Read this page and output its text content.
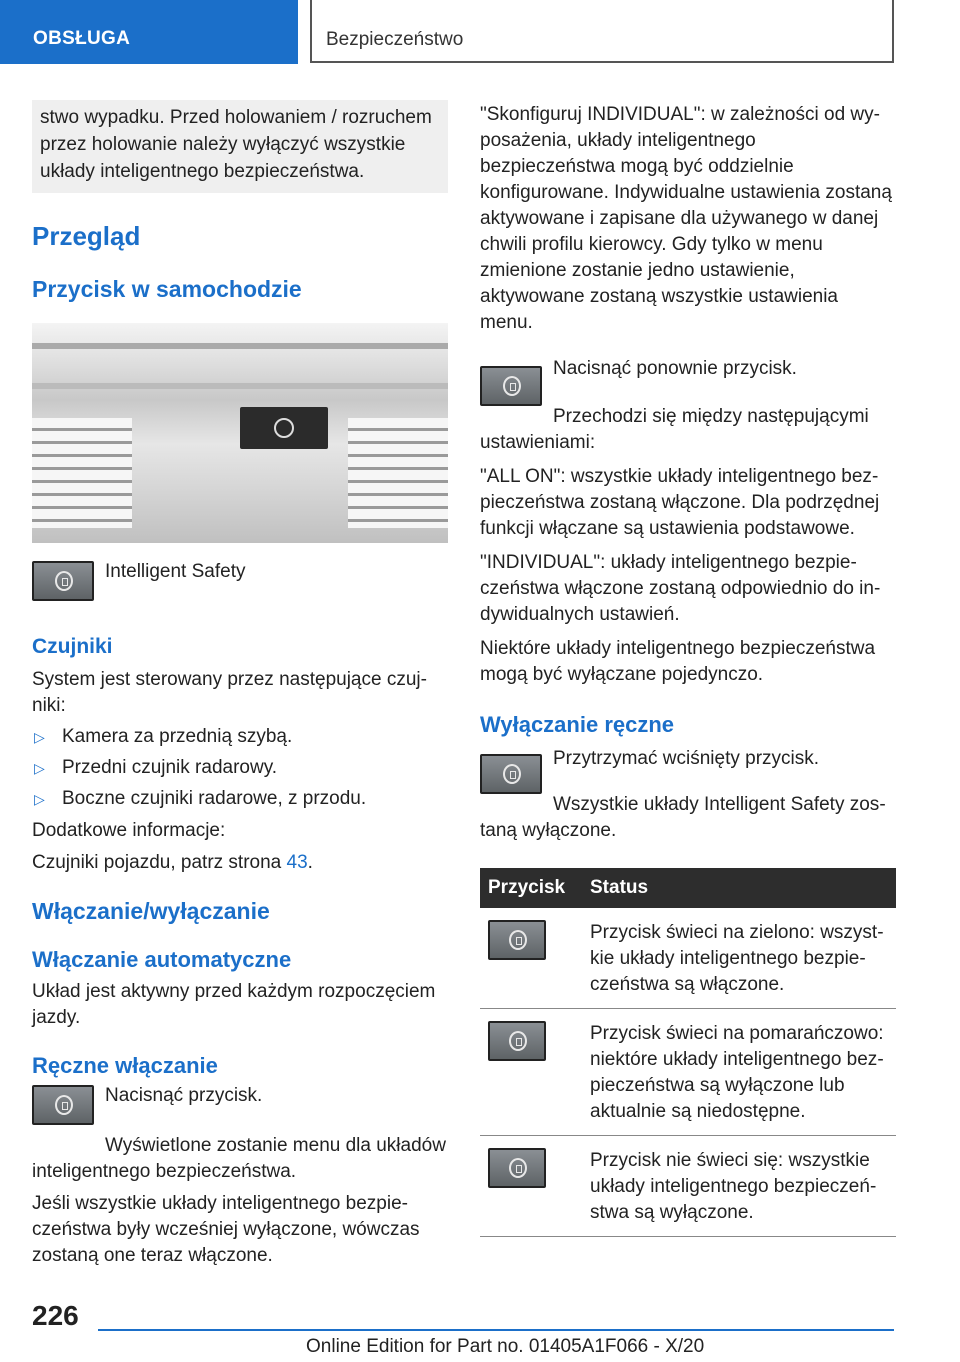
OBSŁUGA	Bezpieczeństwo
stwo wypadku. Przed holowaniem / rozruchem przez holowanie należy wyłączyć wszystkie układy inteligentnego bezpieczeństwa.
Przegląd
Przycisk w samochodzie
Intelligent Safety
Czujniki

System jest sterowany przez następujące czujniki:

▷ Kamera za przednią szybą.
▷ Przedni czujnik radarowy.
▷ Boczne czujniki radarowe, z przodu.

Dodatkowe informacje:

Czujniki pojazdu, patrz strona 43.

Włączanie/wyłączanie
Włączanie automatyczne

Układ jest aktywny przed każdym rozpoczęciem jazdy.

Ręczne włączanie
Nacisnąć przycisk.

Wyświetlone zostanie menu dla układów inteligentnego bezpieczeństwa.

Jeśli wszystkie układy inteligentnego bezpieczeństwa były wcześniej wyłączone, wówczas zostaną one teraz włączone.

"Skonfiguruj INDIVIDUAL": w zależności od wyposażenia, układy inteligentnego bezpieczeństwa mogą być oddzielnie konfigurowane. Indywidualne ustawienia zostaną aktywowane i zapisane dla używanego w danej chwili profilu kierowcy. Gdy tylko w menu zmienione zostanie jedno ustawienie, aktywowane zostaną wszystkie ustawienia menu.

Nacisnąć ponownie przycisk.

Przechodzi się między następującymi ustawieniami:

"ALL ON": wszystkie układy inteligentnego bezpieczeństwa zostaną włączone. Dla podrzędnej funkcji włączane są ustawienia podstawowe.

"INDIVIDUAL": układy inteligentnego bezpieczeństwa włączone zostaną odpowiednio do indywidualnych ustawień.

Niektóre układy inteligentnego bezpieczeństwa mogą być wyłączane pojedynczo.

Wyłączanie ręczne
Przytrzymać wciśnięty przycisk.

Wszystkie układy Intelligent Safety zostaną wyłączone.

Przycisk	Status

	Przycisk świeci na zielono: wszystkie układy inteligentnego bezpieczeństwa są włączone.

	Przycisk świeci na pomarańczowo: niektóre układy inteligentnego bezpieczeństwa są wyłączone lub aktualnie są niedostępne.

	Przycisk nie świeci się: wszystkie układy inteligentnego bezpieczeństwa są wyłączone.
226
Online Edition for Part no. 01405A1F066 - X/20
